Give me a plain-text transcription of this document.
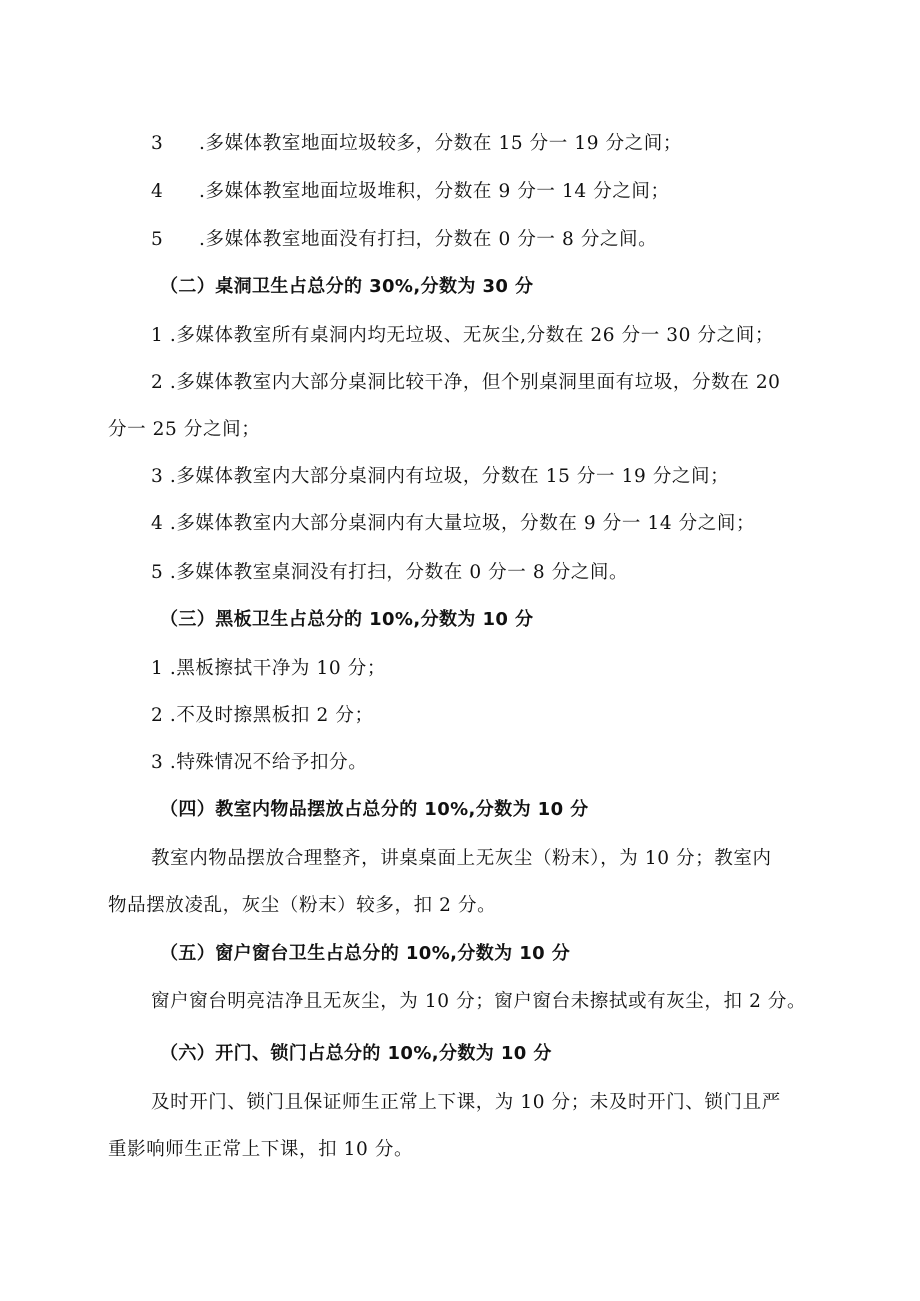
3 .多媒体教室地面垃圾较多，分数在 15 分一 19 分之间；
4 .多媒体教室地面垃圾堆积，分数在 9 分一 14 分之间；
5 .多媒体教室地面没有打扫，分数在 0 分一 8 分之间。
（二）桌洞卫生占总分的 30%,分数为 30 分
1 .多媒体教室所有桌洞内均无垃圾、无灰尘,分数在 26 分一 30 分之间；
2 .多媒体教室内大部分桌洞比较干净，但个别桌洞里面有垃圾，分数在 20
分一 25 分之间；
3 .多媒体教室内大部分桌洞内有垃圾，分数在 15 分一 19 分之间；
4 .多媒体教室内大部分桌洞内有大量垃圾，分数在 9 分一 14 分之间；
5 .多媒体教室桌洞没有打扫，分数在 0 分一 8 分之间。
（三）黑板卫生占总分的 10%,分数为 10 分
1 .黑板擦拭干净为 10 分；
2 .不及时擦黑板扣 2 分；
3 .特殊情况不给予扣分。
（四）教室内物品摆放占总分的 10%,分数为 10 分
教室内物品摆放合理整齐，讲桌桌面上无灰尘（粉末），为 10 分；教室内
物品摆放凌乱，灰尘（粉末）较多，扣 2 分。
（五）窗户窗台卫生占总分的 10%,分数为 10 分
窗户窗台明亮洁净且无灰尘，为 10 分；窗户窗台未擦拭或有灰尘，扣 2 分。
（六）开门、锁门占总分的 10%,分数为 10 分
及时开门、锁门且保证师生正常上下课，为 10 分；未及时开门、锁门且严
重影响师生正常上下课，扣 10 分。
